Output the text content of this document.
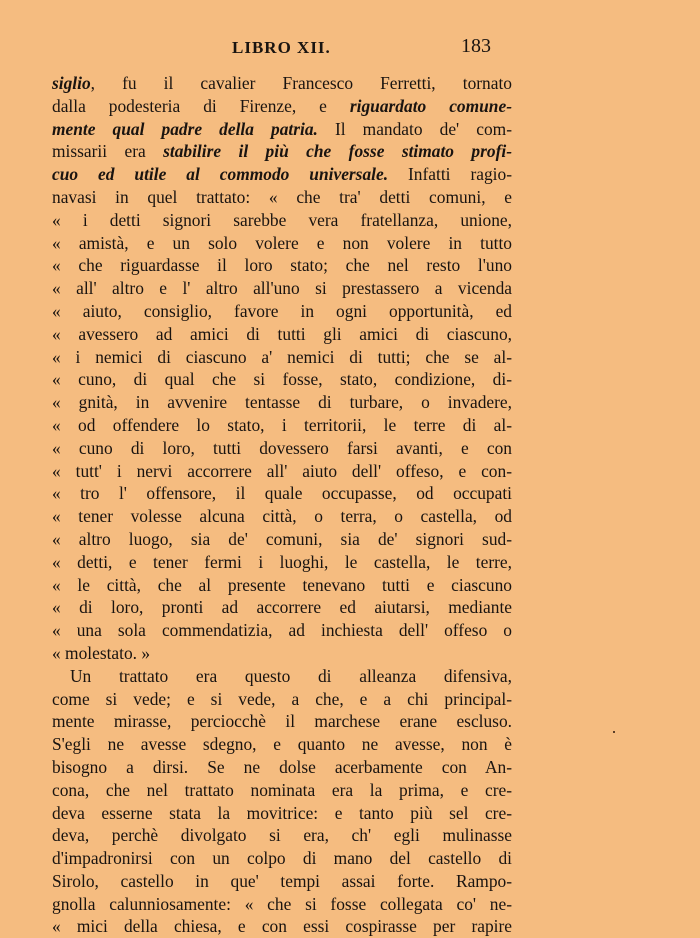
LIBRO XII.	183
siglio, fu il cavalier Francesco Ferretti, tornato
dalla podesteria di Firenze, e riguardato comune-
mente qual padre della patria. Il mandato de' com-
missarii era stabilire il più che fosse stimato profi-
cuo ed utile al commodo universale. Infatti ragio-
navasi in quel trattato: « che tra' detti comuni, e
« i detti signori sarebbe vera fratellanza, unione,
« amistà, e un solo volere e non volere in tutto
« che riguardasse il loro stato; che nel resto l'uno
« all' altro e l' altro all'uno si prestassero a vicenda
« aiuto, consiglio, favore in ogni opportunità, ed
« avessero ad amici di tutti gli amici di ciascuno,
« i nemici di ciascuno a' nemici di tutti; che se al-
« cuno, di qual che si fosse, stato, condizione, di-
« gnità, in avvenire tentasse di turbare, o invadere,
« od offendere lo stato, i territorii, le terre di al-
« cuno di loro, tutti dovessero farsi avanti, e con
« tutt' i nervi accorrere all' aiuto dell' offeso, e con-
« tro l' offensore, il quale occupasse, od occupati
« tener volesse alcuna città, o terra, o castella, od
« altro luogo, sia de' comuni, sia de' signori sud-
« detti, e tener fermi i luoghi, le castella, le terre,
« le città, che al presente tenevano tutti e ciascuno
« di loro, pronti ad accorrere ed aiutarsi, mediante
« una sola commendatizia, ad inchiesta dell' offeso o
« molestato. »
Un trattato era questo di alleanza difensiva,
come si vede; e si vede, a che, e a chi principal-
mente mirasse, perciocchè il marchese erane escluso.
S'egli ne avesse sdegno, e quanto ne avesse, non è
bisogno a dirsi. Se ne dolse acerbamente con An-
cona, che nel trattato nominata era la prima, e cre-
deva esserne stata la movitrice: e tanto più sel cre-
deva, perchè divolgato si era, ch' egli mulinasse
d'impadronirsi con un colpo di mano del castello di
Sirolo, castello in que' tempi assai forte. Rampo-
gnolla calunniosamente: « che si fosse collegata co' ne-
« mici della chiesa, e con essi cospirasse per rapire
